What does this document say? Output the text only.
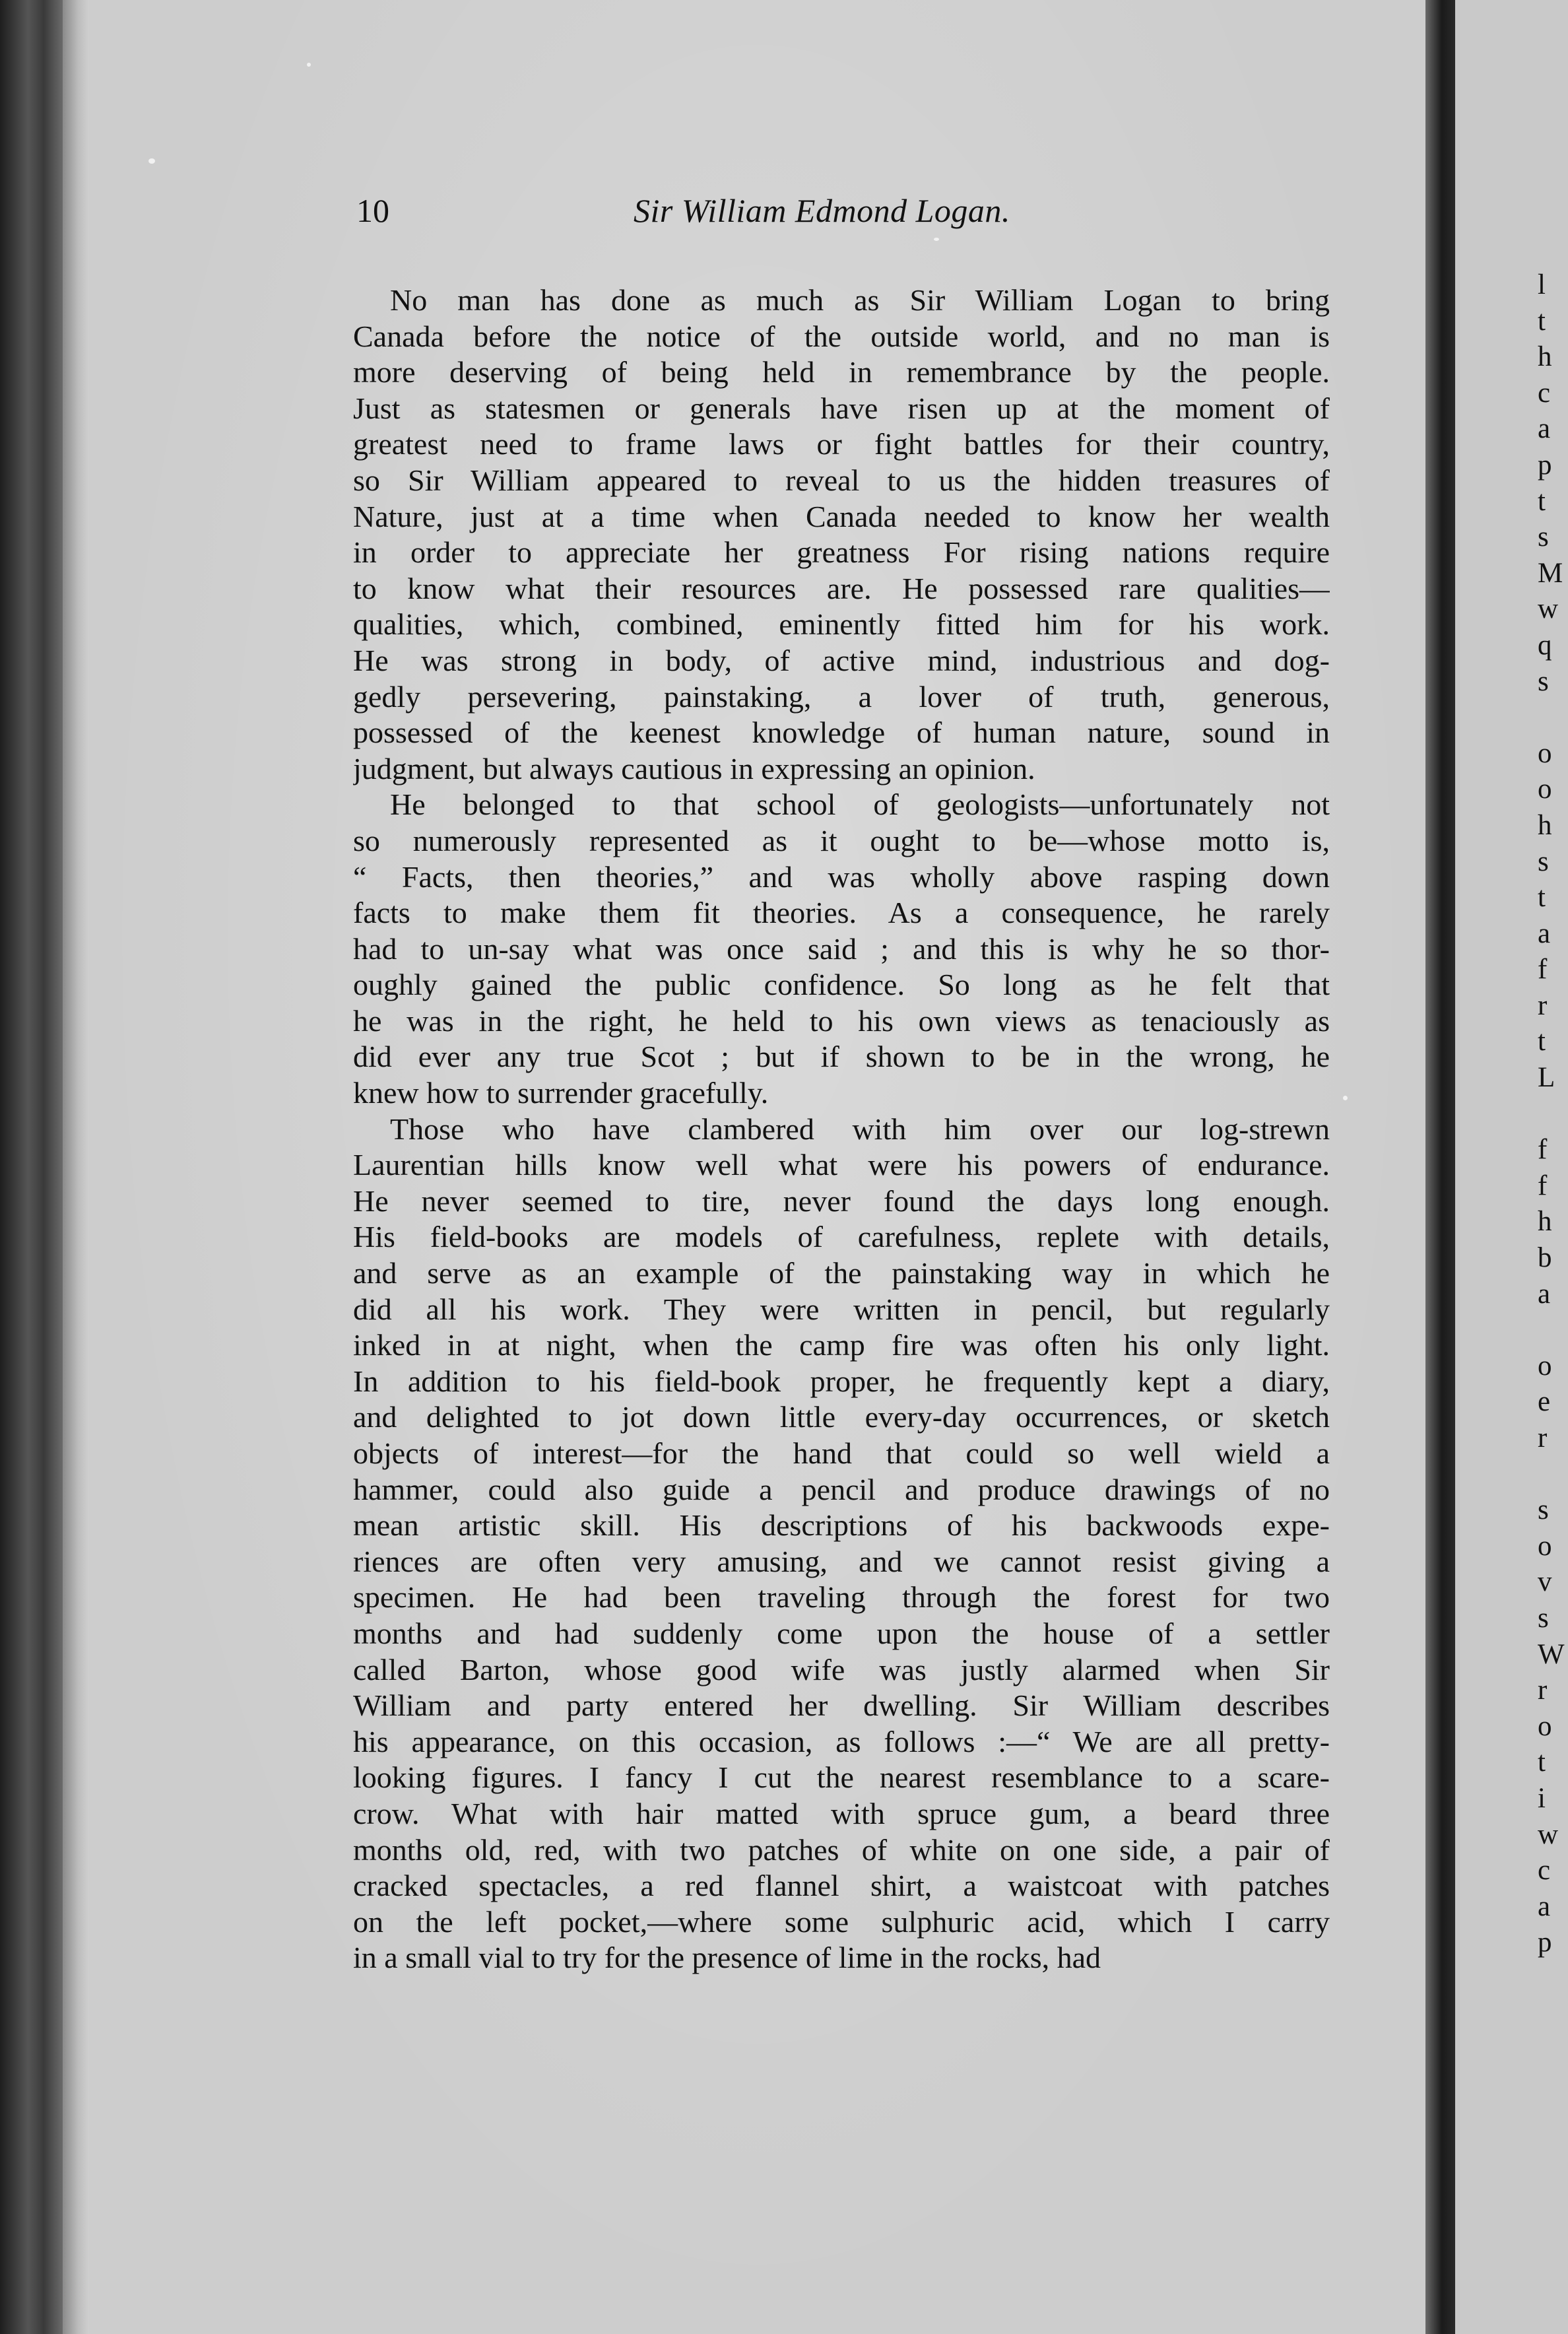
l
t
h
c
a
p
t
s
M
w
q
s
o
o
h
s
t
a
f
r
t
L
f
f
h
b
a
o
e
r
s
o
v
s
W
r
o
t
i
w
c
a
p
10	Sir William Edmond Logan.
No man has done as much as Sir William Logan to bring
Canada before the notice of the outside world, and no man is
more deserving of being held in remembrance by the people.
Just as statesmen or generals have risen up at the moment of
greatest need to frame laws or fight battles for their country,
so Sir William appeared to reveal to us the hidden treasures of
Nature, just at a time when Canada needed to know her wealth
in order to appreciate her greatness For rising nations require
to know what their resources are. He possessed rare qualities—
qualities, which, combined, eminently fitted him for his work.
He was strong in body, of active mind, industrious and dog-
gedly persevering, painstaking, a lover of truth, generous,
possessed of the keenest knowledge of human nature, sound in
judgment, but always cautious in expressing an opinion.
He belonged to that school of geologists—unfortunately not
so numerously represented as it ought to be—whose motto is,
“ Facts, then theories,” and was wholly above rasping down
facts to make them fit theories. As a consequence, he rarely
had to un-say what was once said ; and this is why he so thor-
oughly gained the public confidence. So long as he felt that
he was in the right, he held to his own views as tenaciously as
did ever any true Scot ; but if shown to be in the wrong, he
knew how to surrender gracefully.
Those who have clambered with him over our log-strewn
Laurentian hills know well what were his powers of endurance.
He never seemed to tire, never found the days long enough.
His field-books are models of carefulness, replete with details,
and serve as an example of the painstaking way in which he
did all his work. They were written in pencil, but regularly
inked in at night, when the camp fire was often his only light.
In addition to his field-book proper, he frequently kept a diary,
and delighted to jot down little every-day occurrences, or sketch
objects of interest—for the hand that could so well wield a
hammer, could also guide a pencil and produce drawings of no
mean artistic skill. His descriptions of his backwoods expe-
riences are often very amusing, and we cannot resist giving a
specimen. He had been traveling through the forest for two
months and had suddenly come upon the house of a settler
called Barton, whose good wife was justly alarmed when Sir
William and party entered her dwelling. Sir William describes
his appearance, on this occasion, as follows :—“ We are all pretty-
looking figures. I fancy I cut the nearest resemblance to a scare-
crow. What with hair matted with spruce gum, a beard three
months old, red, with two patches of white on one side, a pair of
cracked spectacles, a red flannel shirt, a waistcoat with patches
on the left pocket,—where some sulphuric acid, which I carry
in a small vial to try for the presence of lime in the rocks, had
